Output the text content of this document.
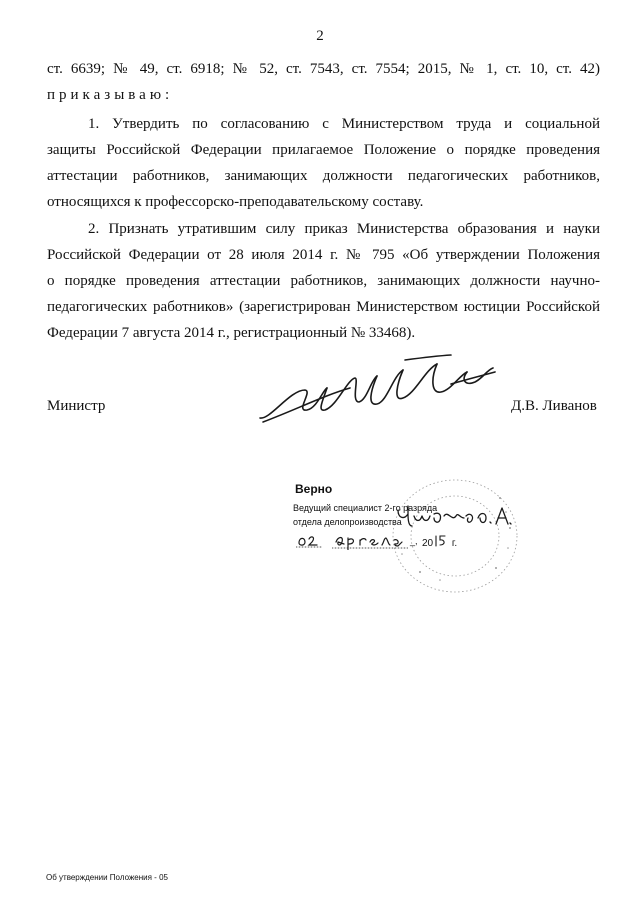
2
ст. 6639; № 49, ст. 6918; № 52, ст. 7543, ст. 7554; 2015, № 1, ст. 10, ст. 42)
приказываю:
1. Утвердить по согласованию с Министерством труда и социальной
защиты Российской Федерации прилагаемое Положение о порядке проведения
аттестации работников, занимающих должности педагогических работников,
относящихся к профессорско-преподавательскому составу.
2. Признать утратившим силу приказ Министерства образования и науки
Российской Федерации от 28 июля 2014 г. № 795 «Об утверждении Положения
о порядке проведения аттестации работников, занимающих должности научно-
педагогических работников» (зарегистрирован Министерством юстиции Российской
Федерации 7 августа 2014 г., регистрационный № 33468).
Министр	Д.В. Ливанов
Верно
Ведущий специалист 2-го разряда
отдела делопроизводства
_, 20 г.
Об утверждении Положения - 05
